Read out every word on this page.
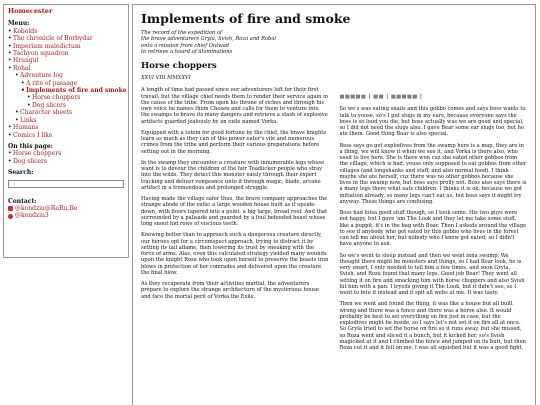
Homecester
Menu:
• Kobolds
• The chronicle of Borbydar
• Imperium maledictum
• Tachyon squadron
• Hrungul
• Rohal
• Adventure log
• A rite of passage
• Implements of fire and smoke
• Horse choppers
• Dog slicers
• Character sheets
• Links
• Humans
• Comics I like
On this page:
• Horse choppers
• Dog slicers
Search:
Contact:
@kondziu@RaRu.Re
@kondziu3
Implements of fire and smoke
The record of the expedition of
the brave adventurers Gryla, Svish, Roza and Robal
onto a mission from chief Outwad
to retrieve a hoard of illuminations
Horse choppers
XXVI VIII MMXXVI

A length of time had passed since our adventurers left for their first travail, but the village chief needs them to render their service again in the cause of the tribe. From upon his throne of riches and through his own voice he names them Chosen and calls for them to venture into the swamps to brave its many dangers and retrieve a stash of explosive artifacts guarded jealously by an exile named Vorka.

Equipped with a totem for good fortune by the chief, the brave knights learn as much as they can of this power eater's vile and numerous crimes from the tribe and perform their various preparations before setting out in the morning.

In the swamp they encounter a creature with innumerable legs whose want is to devour the children of the fair Toadlicker people who stray into the wilds. They detect this monster easily through their expert tracking and deliver vengeance unto it through magic, blade, arcane artifact in a tremendous and prolonged struggle.

Having made the village safer thus, the brave company approaches the strange abode of the exile: a large wooden house built as if upside-down, with floors tapered into a point, a big large, broad roof. And that surrounded by a palisade and guarded by a foul behoofed beast whose long snout hid rows of viscious teeth.

Knowing better than to approach such a dangerous creature directly, our heroes opt for a circumspect approach, trying to distract it by setting its tail aflame, then lowering its trust by sneaking with the force of arms. Alas, even this calculated strategy yielded many wounds upon the knight Roza who took upon herself to preserve the beasts iron blows in protection of her comrades and delivered upon the creature the final blow.

As they recuperate from their activities martial, the adventurers prepare to explore the strange architecture of the mysterious house and face the mortal peril of Vorka the Exile.

▩▩▩▩▩ | ▩▩ | ▩▩▩▩▩ |

So we's was eating snails and this gobbo comes and says boss wants to talk to youse, so's I put slugs in my ears, because everyone says the boss is so loud you die, but boss actually was we are good and special, so I did not need the slugs also. I gave Bear some ear slugs too, but he ate them. Good thing Boar is also special.

Boss says go get explodives from the swamp here is a map, they are in a thing, we will know it when we see it, and Vorka is there also, who used to live here. She is there won cuz she eated other gobbos from the village, which is bad, youse only supposed to eat gobbos from other villages (and longshanks and stuff, and also normal food). I think maybe she ate herself, cuz there was no other gobbos because she lives in the swamp now, but boss says prolly not. Boss also says there is a many legs there what eats children. I thinks it is ok, because we got initiation already, so many legs can't eat us, but boss says it might try anyway. These things are confusing.

Boss had lotsa good stuff though, so I took some. His two guys were not happy, but I gave 'em The Look and they let me take some stuff, like a puppit, it's in the bag with Boar. Then I askeds around the village to see if anybody who got eated by this gobbo who lives in the forest can tell me about her, but nobody who I know got eated, so I didn't have anyone to ask.

So we's went to sleep instead and then we went inna swamp. We thought there might be monsters and things, so I had Boar look, he is very smart, I only needed to tell him a few times, and soon Gryla, Svish, and Roza found that many legs. Good job Boar! They went all setting it on fire and smacking him with horse choppers and also Svish hit him with a pan. I tryeds giving it The Look, but it didn't see, so I went to bite it instead and it spit all webs at me. It was tasty.

Then we went and found the thing, it was like a house but all built wrong and there was a fence and there was a horse also. It would probably be best to set everything on fire just in case, but the explodives might be inside, so I says let's not set it on fire all at once. So Gryla tried to set the horse on fire so it runs away, but she missed, so Roza went and sliced it a bunch, but it kicked her, so's Svish magicked at it and I climbed the fence and jumped on its butt, but then Roza cut it and it fell on me, I was all squished but it was a good fight.
